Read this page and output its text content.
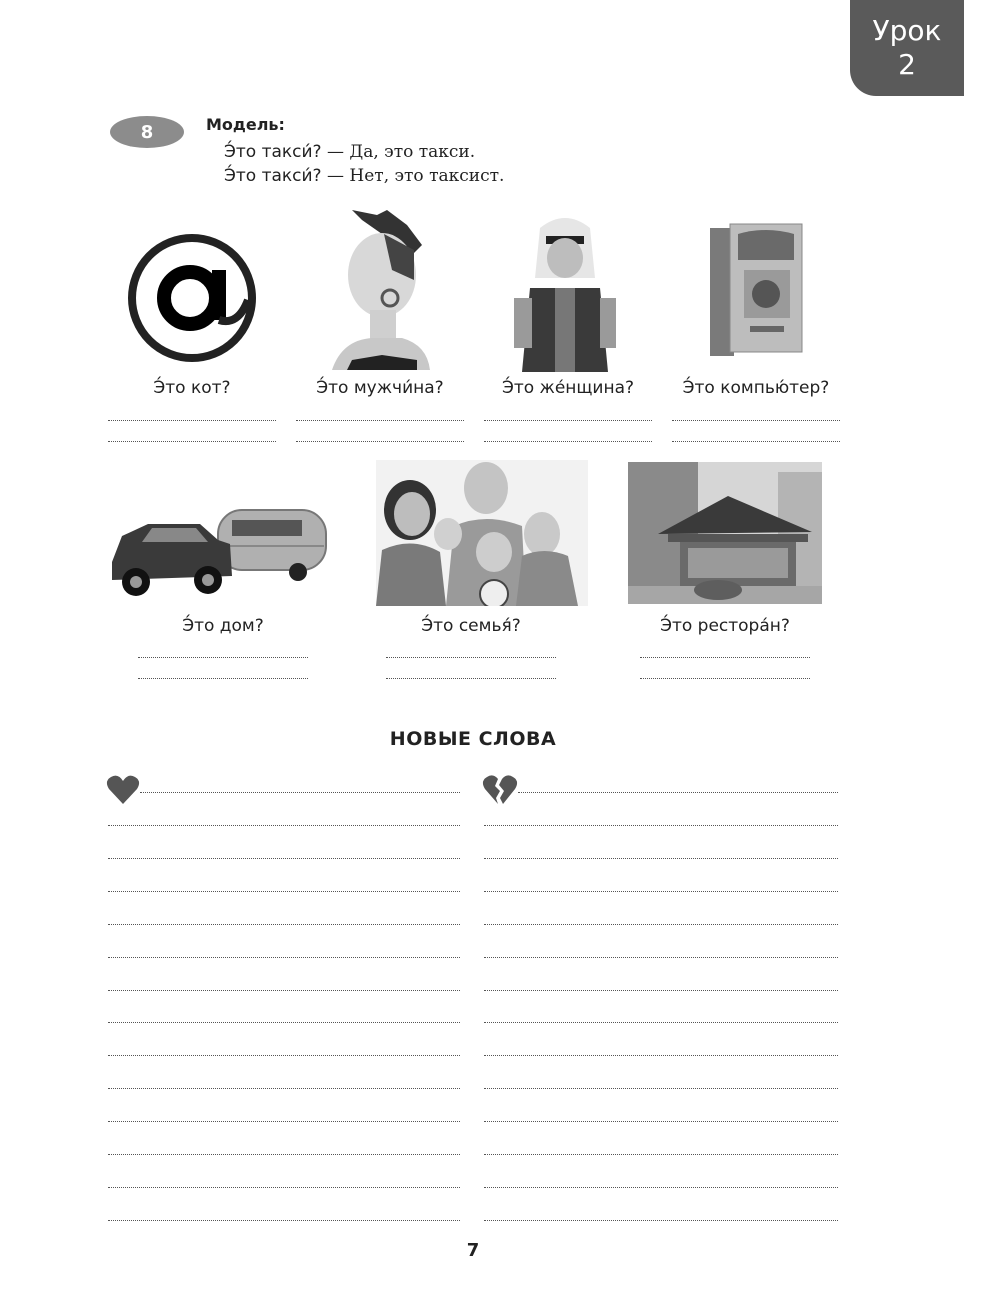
Урок
2
8	Модель:
Э́то такси́? — Да, это такси.
Э́то такси́? — Нет, это таксист.
Э́то кот?	Э́то мужчи́на?	Э́то же́нщина?	Э́то компью́тер?
Э́то дом?	Э́то семья́?	Э́то рестора́н?
НОВЫЕ СЛОВА
7
